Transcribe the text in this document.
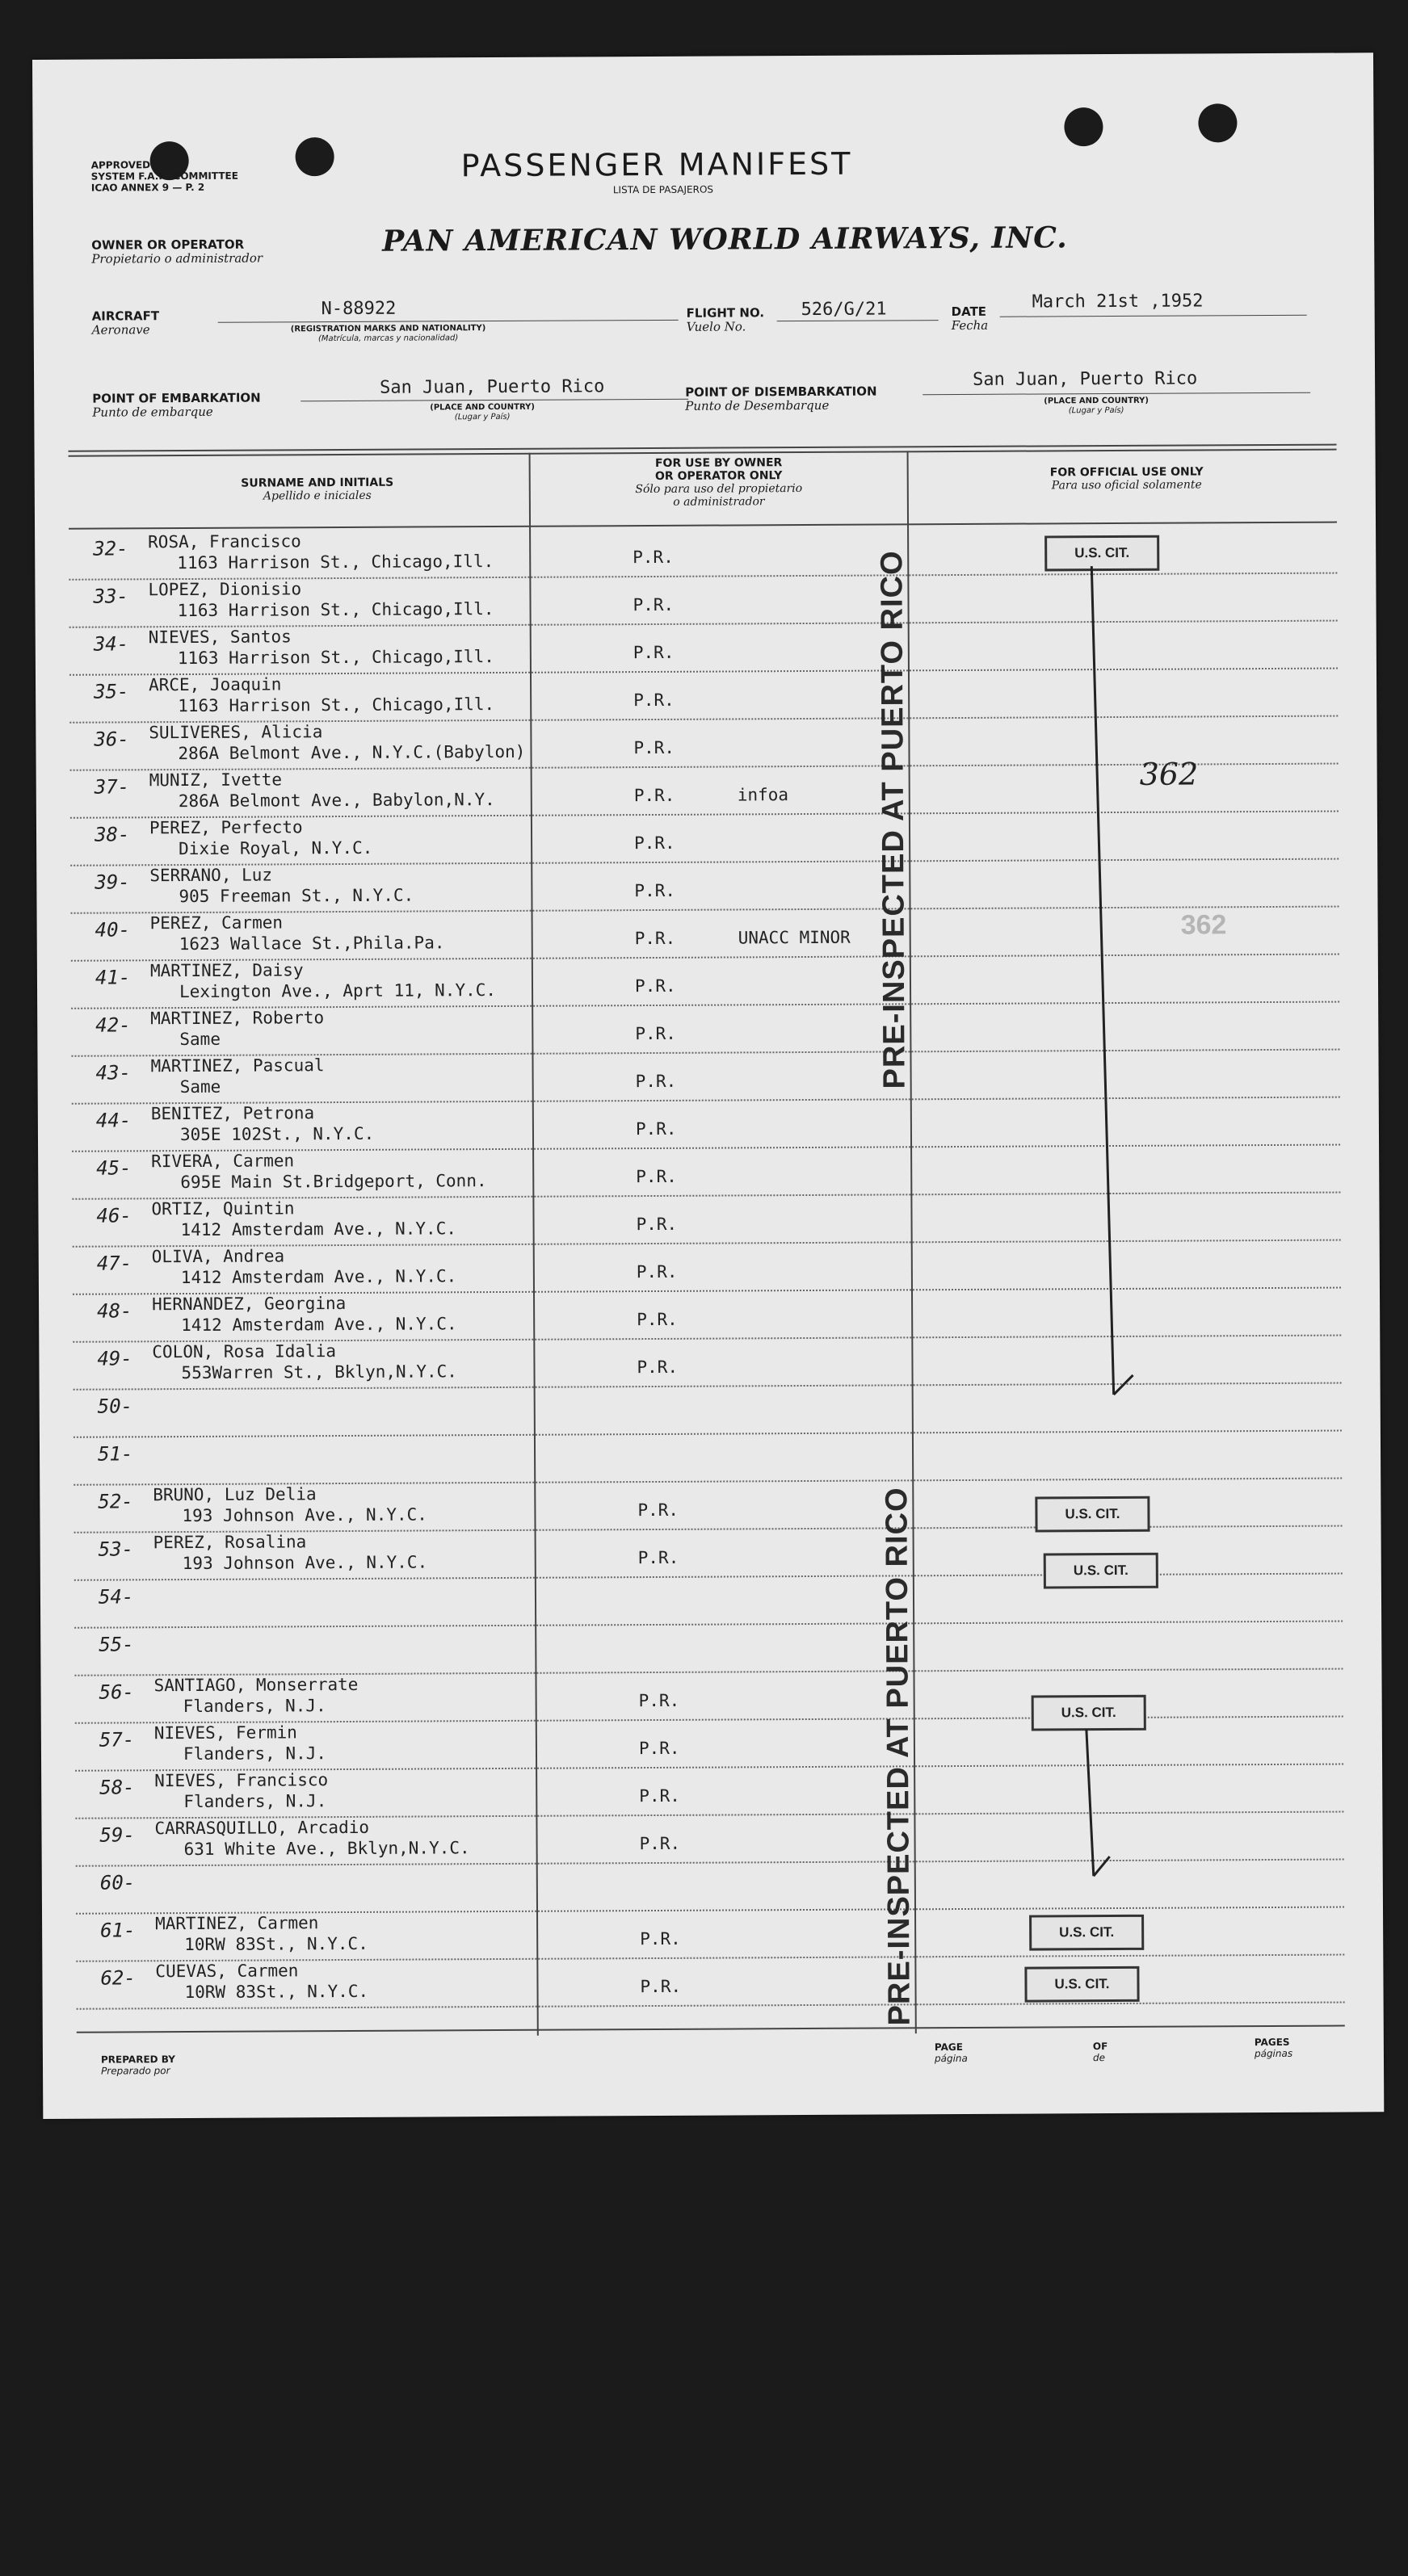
APPROVED
SYSTEM F.A.R. COMMITTEE
ICAO ANNEX 9 — P. 2
PASSENGER MANIFEST
LISTA DE PASAJEROS
OWNER OR OPERATOR
Propietario o administrador
PAN AMERICAN WORLD AIRWAYS, INC.
AIRCRAFT
Aeronave
N-88922
(REGISTRATION MARKS AND NATIONALITY)
(Matrícula, marcas y nacionalidad)
FLIGHT NO.
Vuelo No.
526/G/21	DATE
Fecha
March 21st ,1952
POINT OF EMBARKATION
Punto de embarque
San Juan, Puerto Rico
(PLACE AND COUNTRY)
(Lugar y País)
POINT OF DISEMBARKATION
Punto de Desembarque
San Juan, Puerto Rico
(PLACE AND COUNTRY)
(Lugar y País)
SURNAME AND INITIALS
Apellido e iniciales
FOR USE BY OWNER
OR OPERATOR ONLY
Sólo para uso del propietario
o administrador
FOR OFFICIAL USE ONLY
Para uso oficial solamente
32- ROSA, Francisco
1163 Harrison St., Chicago,Ill.	P.R.
33- LOPEZ, Dionisio
1163 Harrison St., Chicago,Ill.	P.R.
34- NIEVES, Santos
1163 Harrison St., Chicago,Ill.	P.R.
35- ARCE, Joaquin
1163 Harrison St., Chicago,Ill.	P.R.
36- SULIVERES, Alicia
286A Belmont Ave., N.Y.C.(Babylon)	P.R.
37- MUNIZ, Ivette
286A Belmont Ave., Babylon,N.Y.	P.R.	infoa
38- PEREZ, Perfecto
Dixie Royal, N.Y.C.	P.R.
39- SERRANO, Luz
905 Freeman St., N.Y.C.	P.R.
40- PEREZ, Carmen
1623 Wallace St.,Phila.Pa.	P.R.	UNACC MINOR
41- MARTINEZ, Daisy
Lexington Ave., Aprt 11, N.Y.C.	P.R.
42- MARTINEZ, Roberto
Same	P.R.
43- MARTINEZ, Pascual
Same	P.R.
44- BENITEZ, Petrona
305E 102St., N.Y.C.	P.R.
45- RIVERA, Carmen
695E Main St.Bridgeport, Conn.	P.R.
46- ORTIZ, Quintin
1412 Amsterdam Ave., N.Y.C.	P.R.
47- OLIVA, Andrea
1412 Amsterdam Ave., N.Y.C.	P.R.
48- HERNANDEZ, Georgina
1412 Amsterdam Ave., N.Y.C.	P.R.
49- COLON, Rosa Idalia
553Warren St., Bklyn,N.Y.C.	P.R.
50-
51-
52- BRUNO, Luz Delia
193 Johnson Ave., N.Y.C.	P.R.
53- PEREZ, Rosalina
193 Johnson Ave., N.Y.C.	P.R.
54-
55-
56- SANTIAGO, Monserrate
Flanders, N.J.	P.R.
57- NIEVES, Fermin
Flanders, N.J.	P.R.
58- NIEVES, Francisco
Flanders, N.J.	P.R.
59- CARRASQUILLO, Arcadio
631 White Ave., Bklyn,N.Y.C.	P.R.
60-
61- MARTINEZ, Carmen
10RW 83St., N.Y.C.	P.R.
62- CUEVAS, Carmen
10RW 83St., N.Y.C.	P.R.
PRE-INSPECTED AT PUERTO RICO
PRE-INSPECTED AT PUERTO RICO
U.S. CIT.
U.S. CIT.
U.S. CIT.
U.S. CIT.
U.S. CIT.
U.S. CIT.
362
362
PREPARED BY
Preparado por
PAGE
página
OF
de
PAGES
páginas
